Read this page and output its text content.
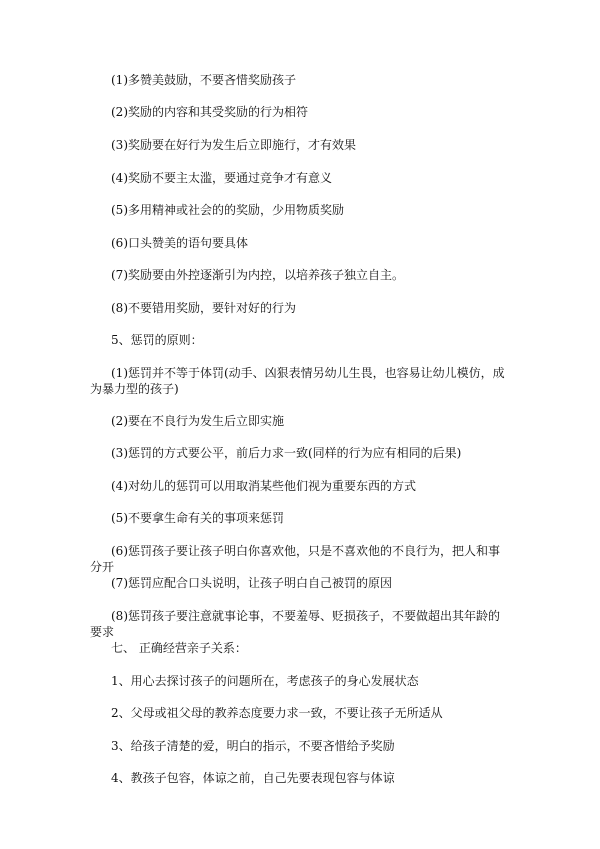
(1)多赞美鼓励，不要吝惜奖励孩子

(2)奖励的内容和其受奖励的行为相符

(3)奖励要在好行为发生后立即施行，才有效果

(4)奖励不要主太滥，要通过竞争才有意义

(5)多用精神或社会的的奖励，少用物质奖励

(6)口头赞美的语句要具体

(7)奖励要由外控逐渐引为内控，以培养孩子独立自主。

(8)不要错用奖励，要针对好的行为

5、惩罚的原则：

(1)惩罚并不等于体罚(动手、凶狠表情另幼儿生畏，也容易让幼儿模仿，成为暴力型的孩子)

(2)要在不良行为发生后立即实施

(3)惩罚的方式要公平，前后力求一致(同样的行为应有相同的后果)

(4)对幼儿的惩罚可以用取消某些他们视为重要东西的方式

(5)不要拿生命有关的事项来惩罚

(6)惩罚孩子要让孩子明白你喜欢他，只是不喜欢他的不良行为，把人和事分开

(7)惩罚应配合口头说明，让孩子明白自己被罚的原因

(8)惩罚孩子要注意就事论事，不要羞辱、贬损孩子，不要做超出其年龄的要求

七、 正确经营亲子关系：

1、用心去探讨孩子的问题所在，考虑孩子的身心发展状态

2、父母或祖父母的教养态度要力求一致，不要让孩子无所适从

3、给孩子清楚的爱，明白的指示，不要吝惜给予奖励

4、教孩子包容，体谅之前，自己先要表现包容与体谅
